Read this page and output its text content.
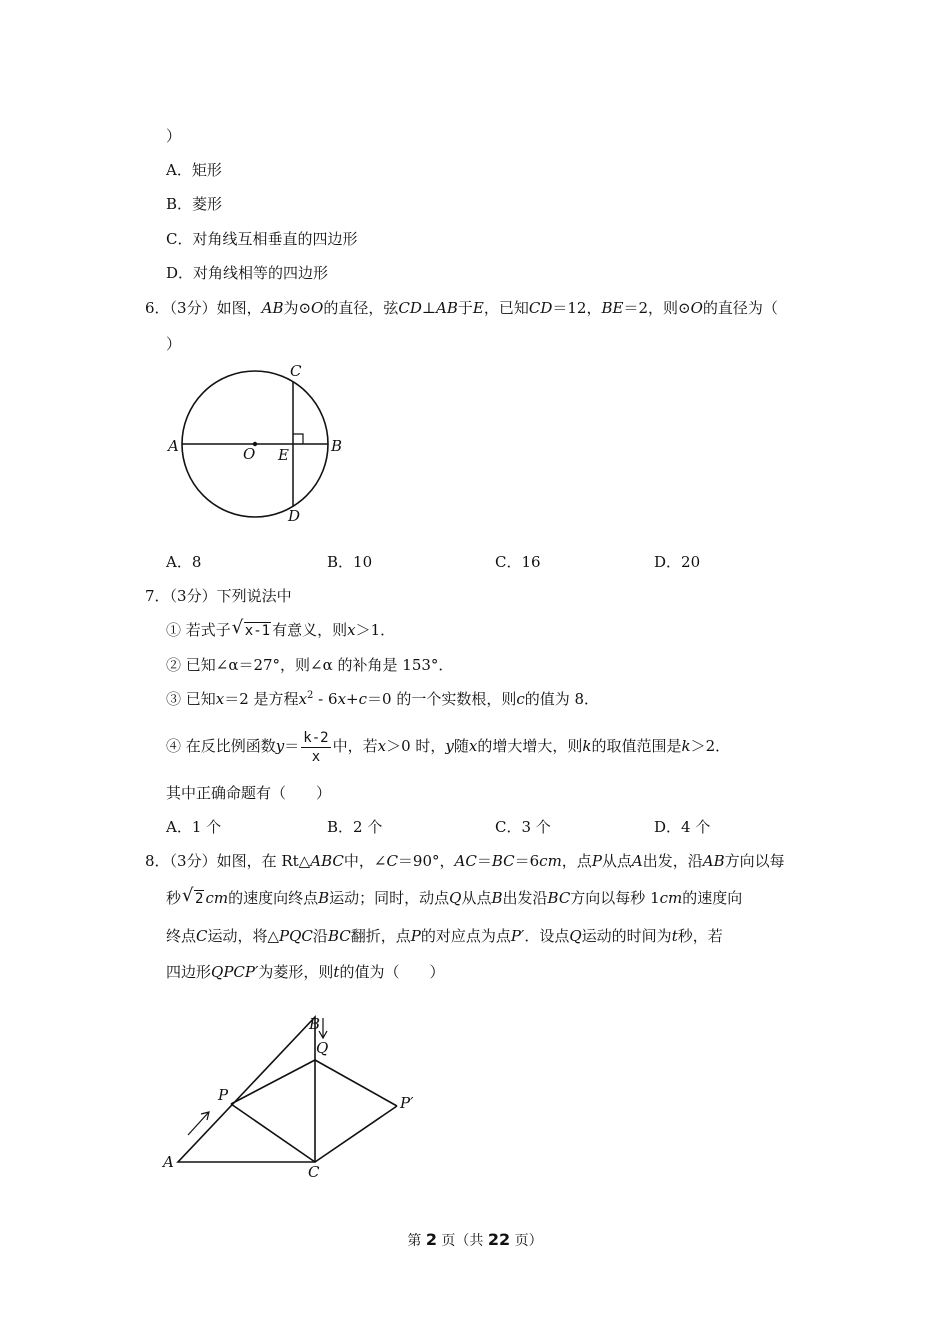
）
A．矩形
B．菱形
C．对角线互相垂直的四边形
D．对角线相等的四边形
6．（3分）如图，AB为⊙O的直径，弦CD⊥AB于E，已知CD＝12，BE＝2，则⊙O的直径为（
）
A	B
C
D
O E
A．8	B．10	C．16	D．20
7．（3分）下列说法中
① 若式子 √ x-1 有意义，则x＞1．
② 已知∠α＝27°，则∠α 的补角是 153°．
③ 已知x＝2 是方程$x^2 - 6x+c=0$ 的一个实数根，则c的值为 8．
④ 在反比例函数$y= \frac{k-2}{x}$ 中，若x＞0 时，y随x的增大增大，则k的取值范围是k＞2．
其中正确命题有（　　）
A．1 个	B．2 个	C．3 个	D．4 个
8．（3分）如图，在 Rt△ABC中，∠C＝90°，AC＝BC＝6cm，点P从点A出发，沿AB方向以每
秒 √ 2 cm的速度向终点B运动；同时，动点Q从点B出发沿BC方向以每秒 1cm的速度向
终点C运动，将△PQC沿BC翻折，点P的对应点为点P′．设点Q运动的时间为t秒，若
四边形QPCP′为菱形，则t的值为（　　）
A
B
C
P
Q
P′
第 2 页（共 22 页）
